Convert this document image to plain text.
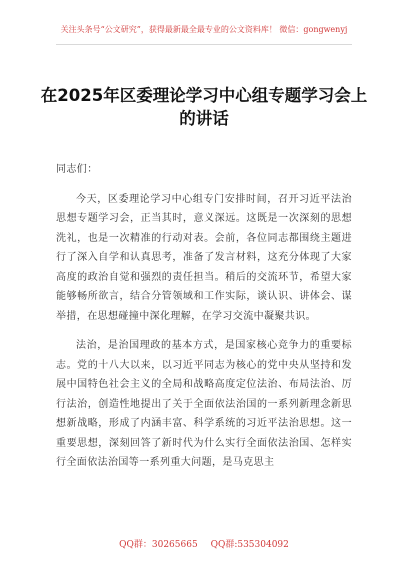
关注头条号“公文研究”，获得最新最全最专业的公文资料库！ 微信：gongwenyj
在2025年区委理论学习中心组专题学习会上的讲话

同志们：

今天，区委理论学习中心组专门安排时间，召开习近平法治思想专题学习会，正当其时，意义深远。这既是一次深刻的思想洗礼，也是一次精准的行动对表。会前，各位同志都围绕主题进行了深入自学和认真思考，准备了发言材料，这充分体现了大家高度的政治自觉和强烈的责任担当。稍后的交流环节，希望大家能够畅所欲言，结合分管领域和工作实际，谈认识、讲体会、谋举措，在思想碰撞中深化理解，在学习交流中凝聚共识。

法治，是治国理政的基本方式，是国家核心竞争力的重要标志。党的十八大以来，以习近平同志为核心的党中央从坚持和发展中国特色社会主义的全局和战略高度定位法治、布局法治、厉行法治，创造性地提出了关于全面依法治国的一系列新理念新思想新战略，形成了内涵丰富、科学系统的习近平法治思想。这一重要思想，深刻回答了新时代为什么实行全面依法治国、怎样实行全面依法治国等一系列重大问题，是马克思主

QQ群：30265665 QQ群:535304092
